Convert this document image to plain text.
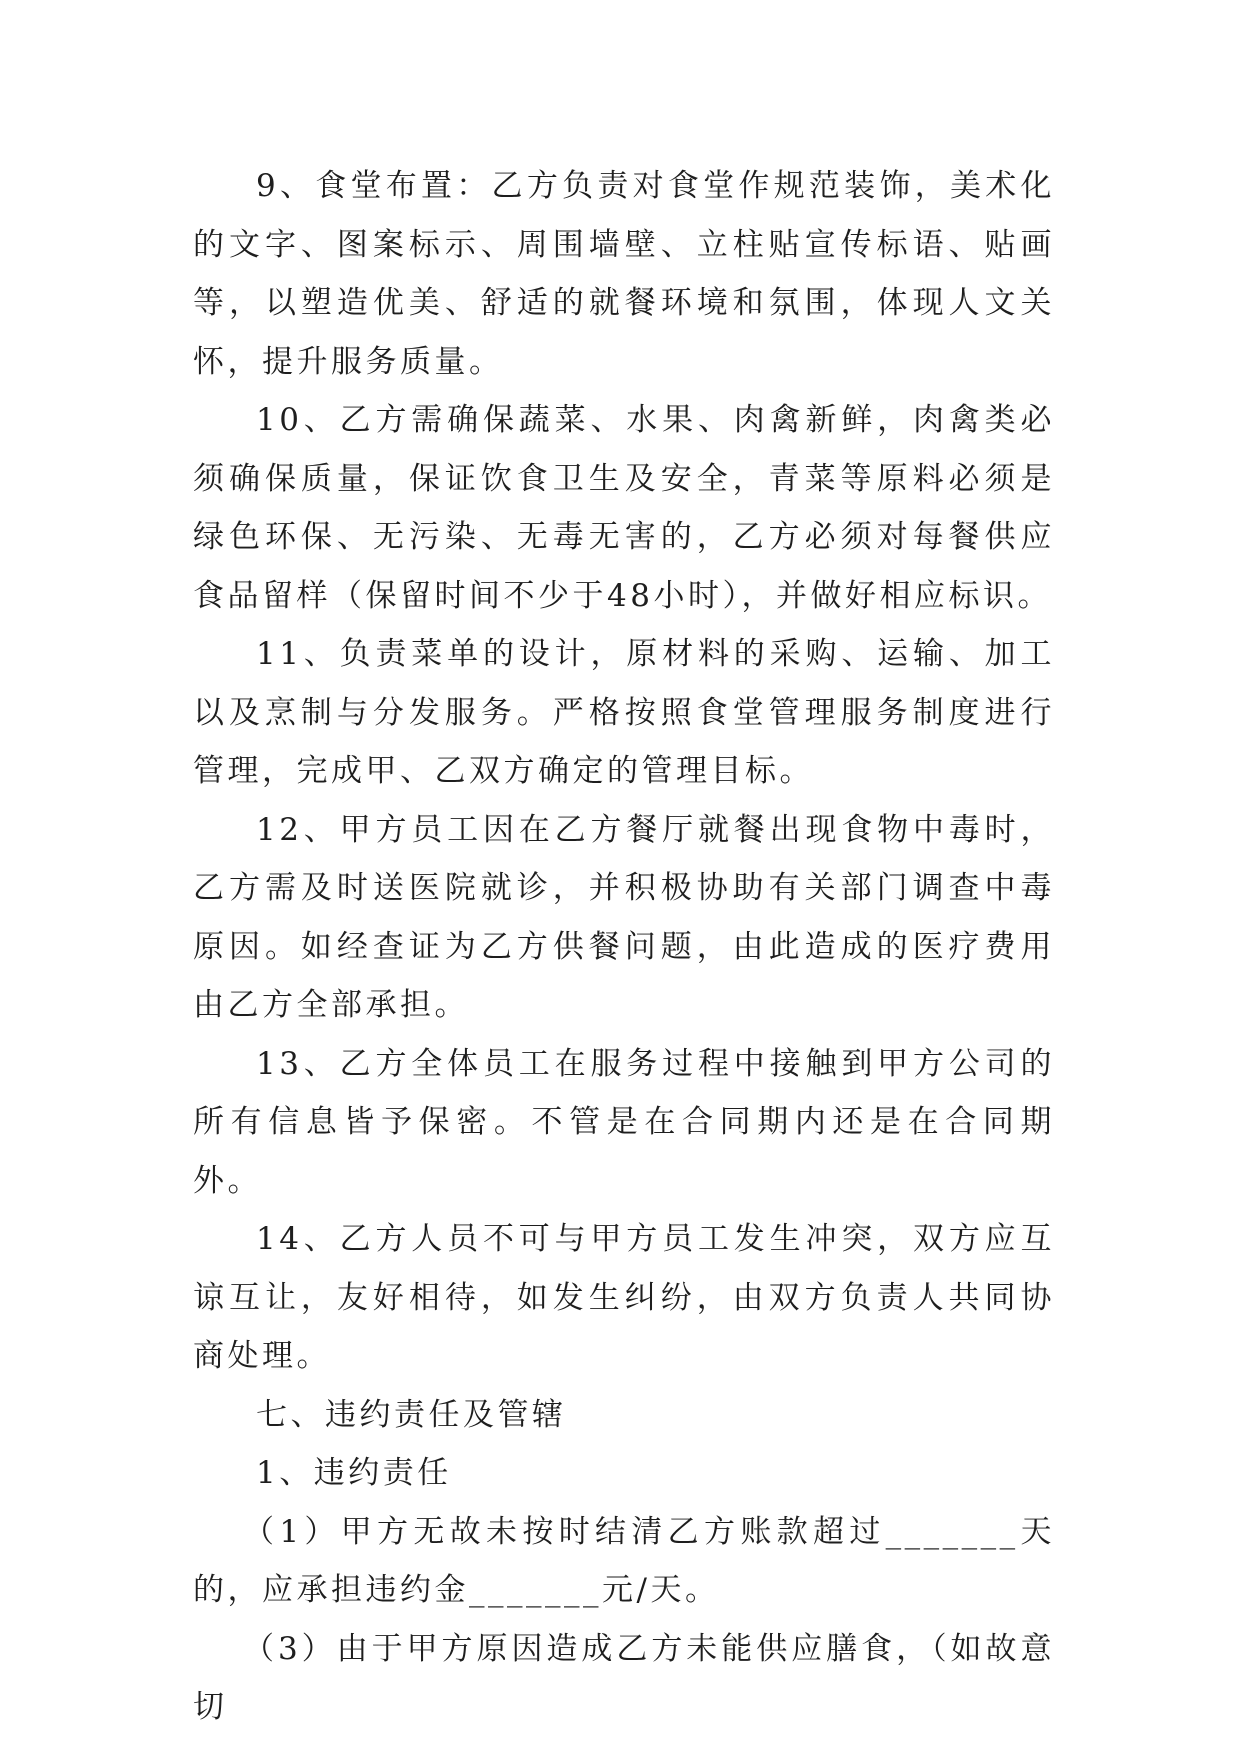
9、食堂布置：乙方负责对食堂作规范装饰，美术化的文字、图案标示、周围墙壁、立柱贴宣传标语、贴画等，以塑造优美、舒适的就餐环境和氛围，体现人文关怀，提升服务质量。

10、乙方需确保蔬菜、水果、肉禽新鲜，肉禽类必须确保质量，保证饮食卫生及安全，青菜等原料必须是绿色环保、无污染、无毒无害的，乙方必须对每餐供应食品留样（保留时间不少于48小时），并做好相应标识。

11、负责菜单的设计，原材料的采购、运输、加工以及烹制与分发服务。严格按照食堂管理服务制度进行管理，完成甲、乙双方确定的管理目标。

12、甲方员工因在乙方餐厅就餐出现食物中毒时，乙方需及时送医院就诊，并积极协助有关部门调查中毒原因。如经查证为乙方供餐问题，由此造成的医疗费用由乙方全部承担。

13、乙方全体员工在服务过程中接触到甲方公司的所有信息皆予保密。不管是在合同期内还是在合同期外。

14、乙方人员不可与甲方员工发生冲突，双方应互谅互让，友好相待，如发生纠纷，由双方负责人共同协商处理。

七、违约责任及管辖

1、违约责任

（1）甲方无故未按时结清乙方账款超过_______天的，应承担违约金_______元/天。

（3）由于甲方原因造成乙方未能供应膳食，（如故意切
